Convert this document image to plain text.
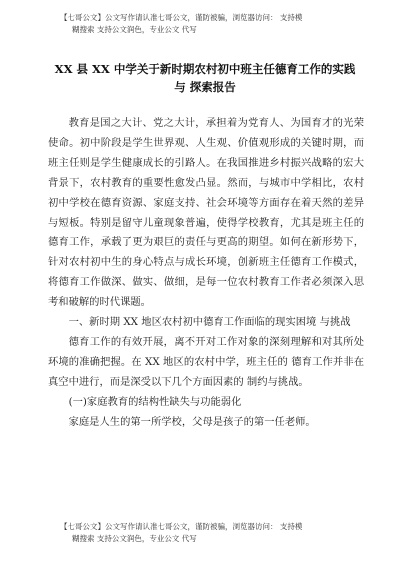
【七哥公文】公文写作请认准七哥公文，谨防被骗，浏览器访问： 支持模
糊搜索 支持公文润色，专业公文 代写
XX 县 XX 中学关于新时期农村初中班主任德育工作的实践
与 探索报告

教育是国之大计、党之大计，承担着为党育人、为国育才的光荣使命。初中阶段是学生世界观、人生观、价值观形成的关键时期，而班主任则是学生健康成长的引路人。在我国推进乡村振兴战略的宏大背景下，农村教育的重要性愈发凸显。然而，与城市中学相比，农村初中学校在德育资源、家庭支持、社会环境等方面存在着天然的差异与短板。特别是留守儿童现象普遍，使得学校教育，尤其是班主任的德育工作，承载了更为艰巨的责任与更高的期望。如何在新形势下，针对农村初中生的身心特点与成长环境，创新班主任德育工作模式，将德育工作做深、做实、做细，是每一位农村教育工作者必须深入思考和破解的时代课题。

一、新时期 XX 地区农村初中德育工作面临的现实困境 与挑战

德育工作的有效开展，离不开对工作对象的深刻理解和对其所处环境的准确把握。在 XX 地区的农村中学，班主任的 德育工作并非在真空中进行，而是深受以下几个方面因素的 制约与挑战。

(一)家庭教育的结构性缺失与功能弱化

家庭是人生的第一所学校，父母是孩子的第一任老师。

【七哥公文】公文写作请认准七哥公文，谨防被骗，浏览器访问： 支持模
糊搜索 支持公文润色，专业公文 代写
